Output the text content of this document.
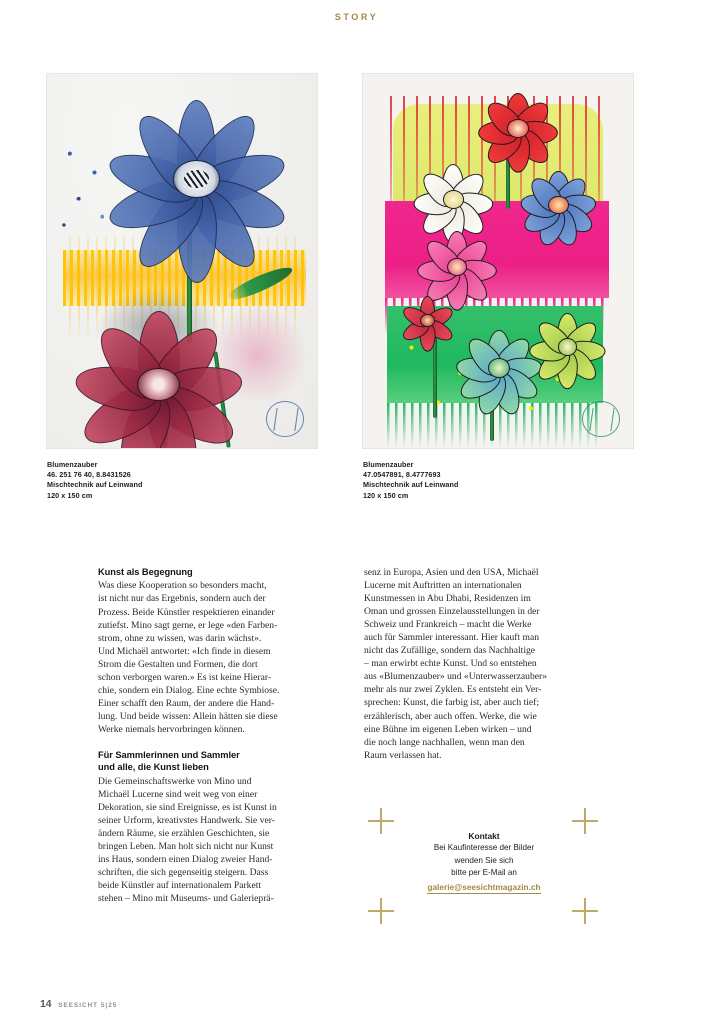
STORY
Blumenzauber
46. 251 76 40, 8.8431526
Mischtechnik auf Leinwand
120 x 150 cm
Blumenzauber
47.0547891, 8.4777693
Mischtechnik auf Leinwand
120 x 150 cm
Kunst als Begegnung

Was diese Kooperation so besonders macht,
ist nicht nur das Ergebnis, sondern auch der
Prozess. Beide Künstler respektieren einander
zutiefst. Mino sagt gerne, er lege «den Farben-
strom, ohne zu wissen, was darin wächst».
Und Michaël antwortet: «Ich finde in diesem
Strom die Gestalten und Formen, die dort
schon verborgen waren.» Es ist keine Hierar-
chie, sondern ein Dialog. Eine echte Symbiose.
Einer schafft den Raum, der andere die Hand-
lung. Und beide wissen: Allein hätten sie diese
Werke niemals hervorbringen können.

Für Sammlerinnen und Sammler
und alle, die Kunst lieben

Die Gemeinschaftswerke von Mino und
Michaël Lucerne sind weit weg von einer
Dekoration, sie sind Ereignisse, es ist Kunst in
seiner Urform, kreativstes Handwerk. Sie ver-
ändern Räume, sie erzählen Geschichten, sie
bringen Leben. Man holt sich nicht nur Kunst
ins Haus, sondern einen Dialog zweier Hand-
schriften, die sich gegenseitig steigern. Dass
beide Künstler auf internationalem Parkett
stehen – Mino mit Museums- und Galerieprä-

senz in Europa, Asien und den USA, Michaël
Lucerne mit Auftritten an internationalen
Kunstmessen in Abu Dhabi, Residenzen im
Oman und grossen Einzelausstellungen in der
Schweiz und Frankreich – macht die Werke
auch für Sammler interessant. Hier kauft man
nicht das Zufällige, sondern das Nachhaltige
– man erwirbt echte Kunst. Und so entstehen
aus «Blumenzauber» und «Unterwasserzauber»
mehr als nur zwei Zyklen. Es entsteht ein Ver-
sprechen: Kunst, die farbig ist, aber auch tief;
erzählerisch, aber auch offen. Werke, die wie
eine Bühne im eigenen Leben wirken – und
die noch lange nachhallen, wenn man den
Raum verlassen hat.

Kontakt
Bei Kaufinteresse der Bilder
wenden Sie sich
bitte per E-Mail an
galerie@seesichtmagazin.ch
14 SEESICHT 5|25
